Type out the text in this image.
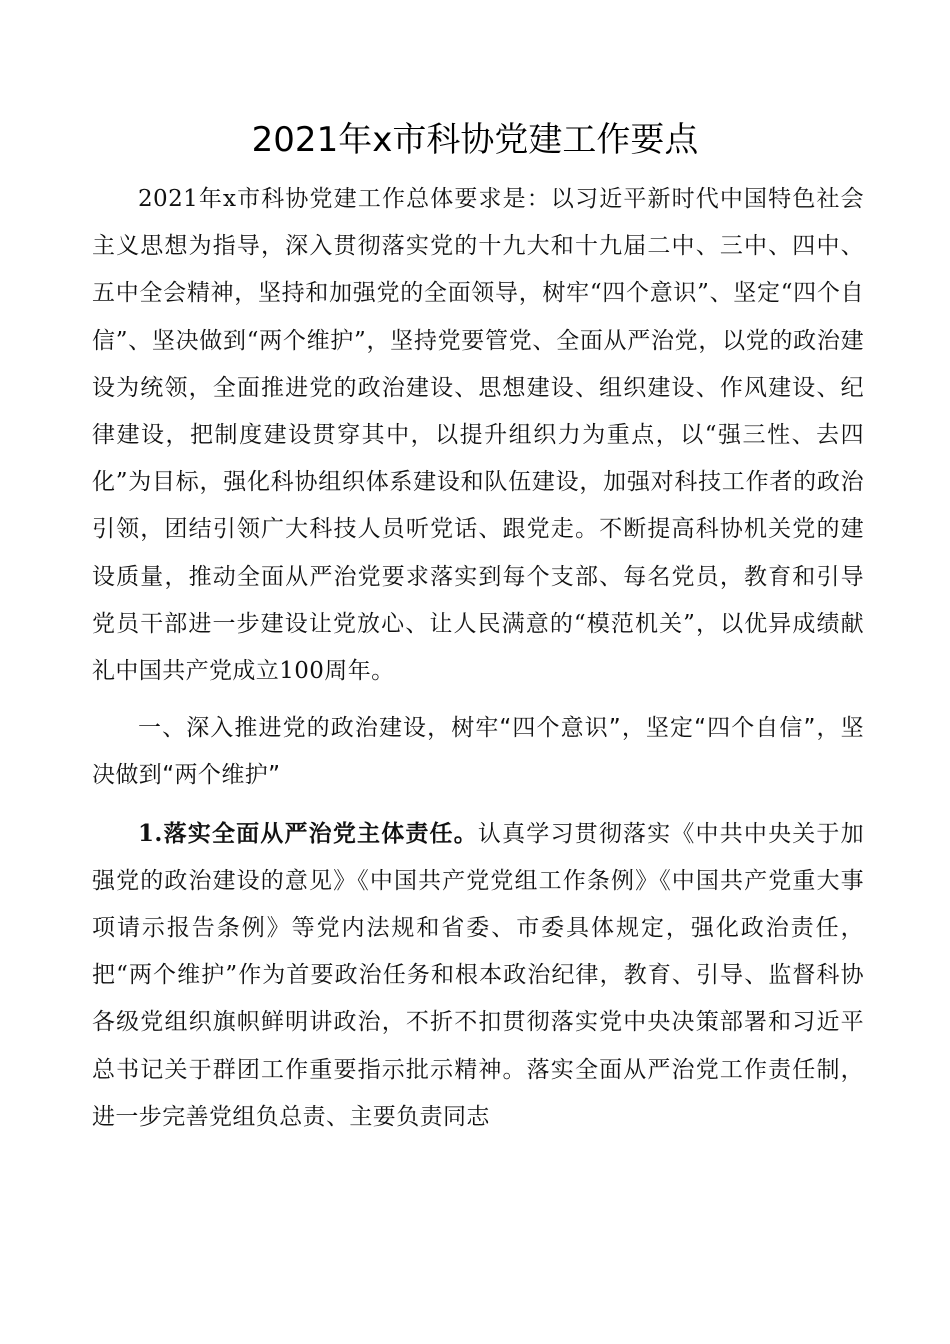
2021年x市科协党建工作要点

2021年x市科协党建工作总体要求是：以习近平新时代中国特色社会主义思想为指导，深入贯彻落实党的十九大和十九届二中、三中、四中、五中全会精神，坚持和加强党的全面领导，树牢“四个意识”、坚定“四个自信”、坚决做到“两个维护”，坚持党要管党、全面从严治党，以党的政治建设为统领，全面推进党的政治建设、思想建设、组织建设、作风建设、纪律建设，把制度建设贯穿其中，以提升组织力为重点，以“强三性、去四化”为目标，强化科协组织体系建设和队伍建设，加强对科技工作者的政治引领，团结引领广大科技人员听党话、跟党走。不断提高科协机关党的建设质量，推动全面从严治党要求落实到每个支部、每名党员，教育和引导党员干部进一步建设让党放心、让人民满意的“模范机关”，以优异成绩献礼中国共产党成立100周年。

一、深入推进党的政治建设，树牢“四个意识”，坚定“四个自信”，坚决做到“两个维护”

1.落实全面从严治党主体责任。认真学习贯彻落实《中共中央关于加强党的政治建设的意见》《中国共产党党组工作条例》《中国共产党重大事项请示报告条例》等党内法规和省委、市委具体规定，强化政治责任，把“两个维护”作为首要政治任务和根本政治纪律，教育、引导、监督科协各级党组织旗帜鲜明讲政治，不折不扣贯彻落实党中央决策部署和习近平总书记关于群团工作重要指示批示精神。落实全面从严治党工作责任制，进一步完善党组负总责、主要负责同志
